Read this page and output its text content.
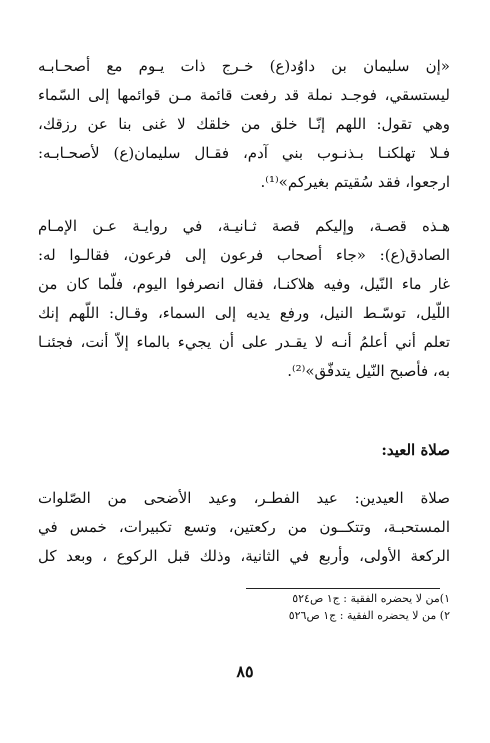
«إن سليمان بن داوُد(ع) خـرج ذات يـوم مع أصحـابـه
ليستسقي، فوجـد نملة قد رفعت قائمة مـن قوائمها إلى السّماء
وهي تقول: اللهم إنّـا خلق من خلقك لا غنى بنا عن رزقك،
فـلا تهلكنـا بـذنـوب بني آدم، فقـال سليمان(ع) لأصحـابـه:
ارجعوا، فقد سُقيتم بغيركم»⁽¹⁾.
هـذه قصـة، وإليكم قصة ثـانيـة، في روايـة عـن الإمـام
الصادق(ع): «جاء أصحاب فرعون إلى فرعون، فقالـوا له:
غار ماء النّيل، وفيه هلاكنـا، فقال انصرفوا اليوم، فلّما كان من
اللّيل، توسّـط النيل، ورفع يديه إلى السماء، وقـال: اللّهم إنك
تعلم أني أعلمُ أنـه لا يقـدر على أن يجيء بالماء إلاّ أنت، فجئنـا
به، فأصبح النّيل يتدفّق»⁽²⁾.
صلاة العيد:
صلاة العيدين: عيد الفطـر، وعيد الأضحى من الصّلوات
المستحبـة، وتتكــون من ركعتين، وتسع تكبيرات، خمس في
الركعة الأولى، وأربع في الثانية، وذلك قبل الركوع ، وبعد كل
١)من لا يحضره الفقية : ج١ ص٥٢٤
٢) من لا يحضره الفقية : ج١ ص٥٢٦
٨٥
